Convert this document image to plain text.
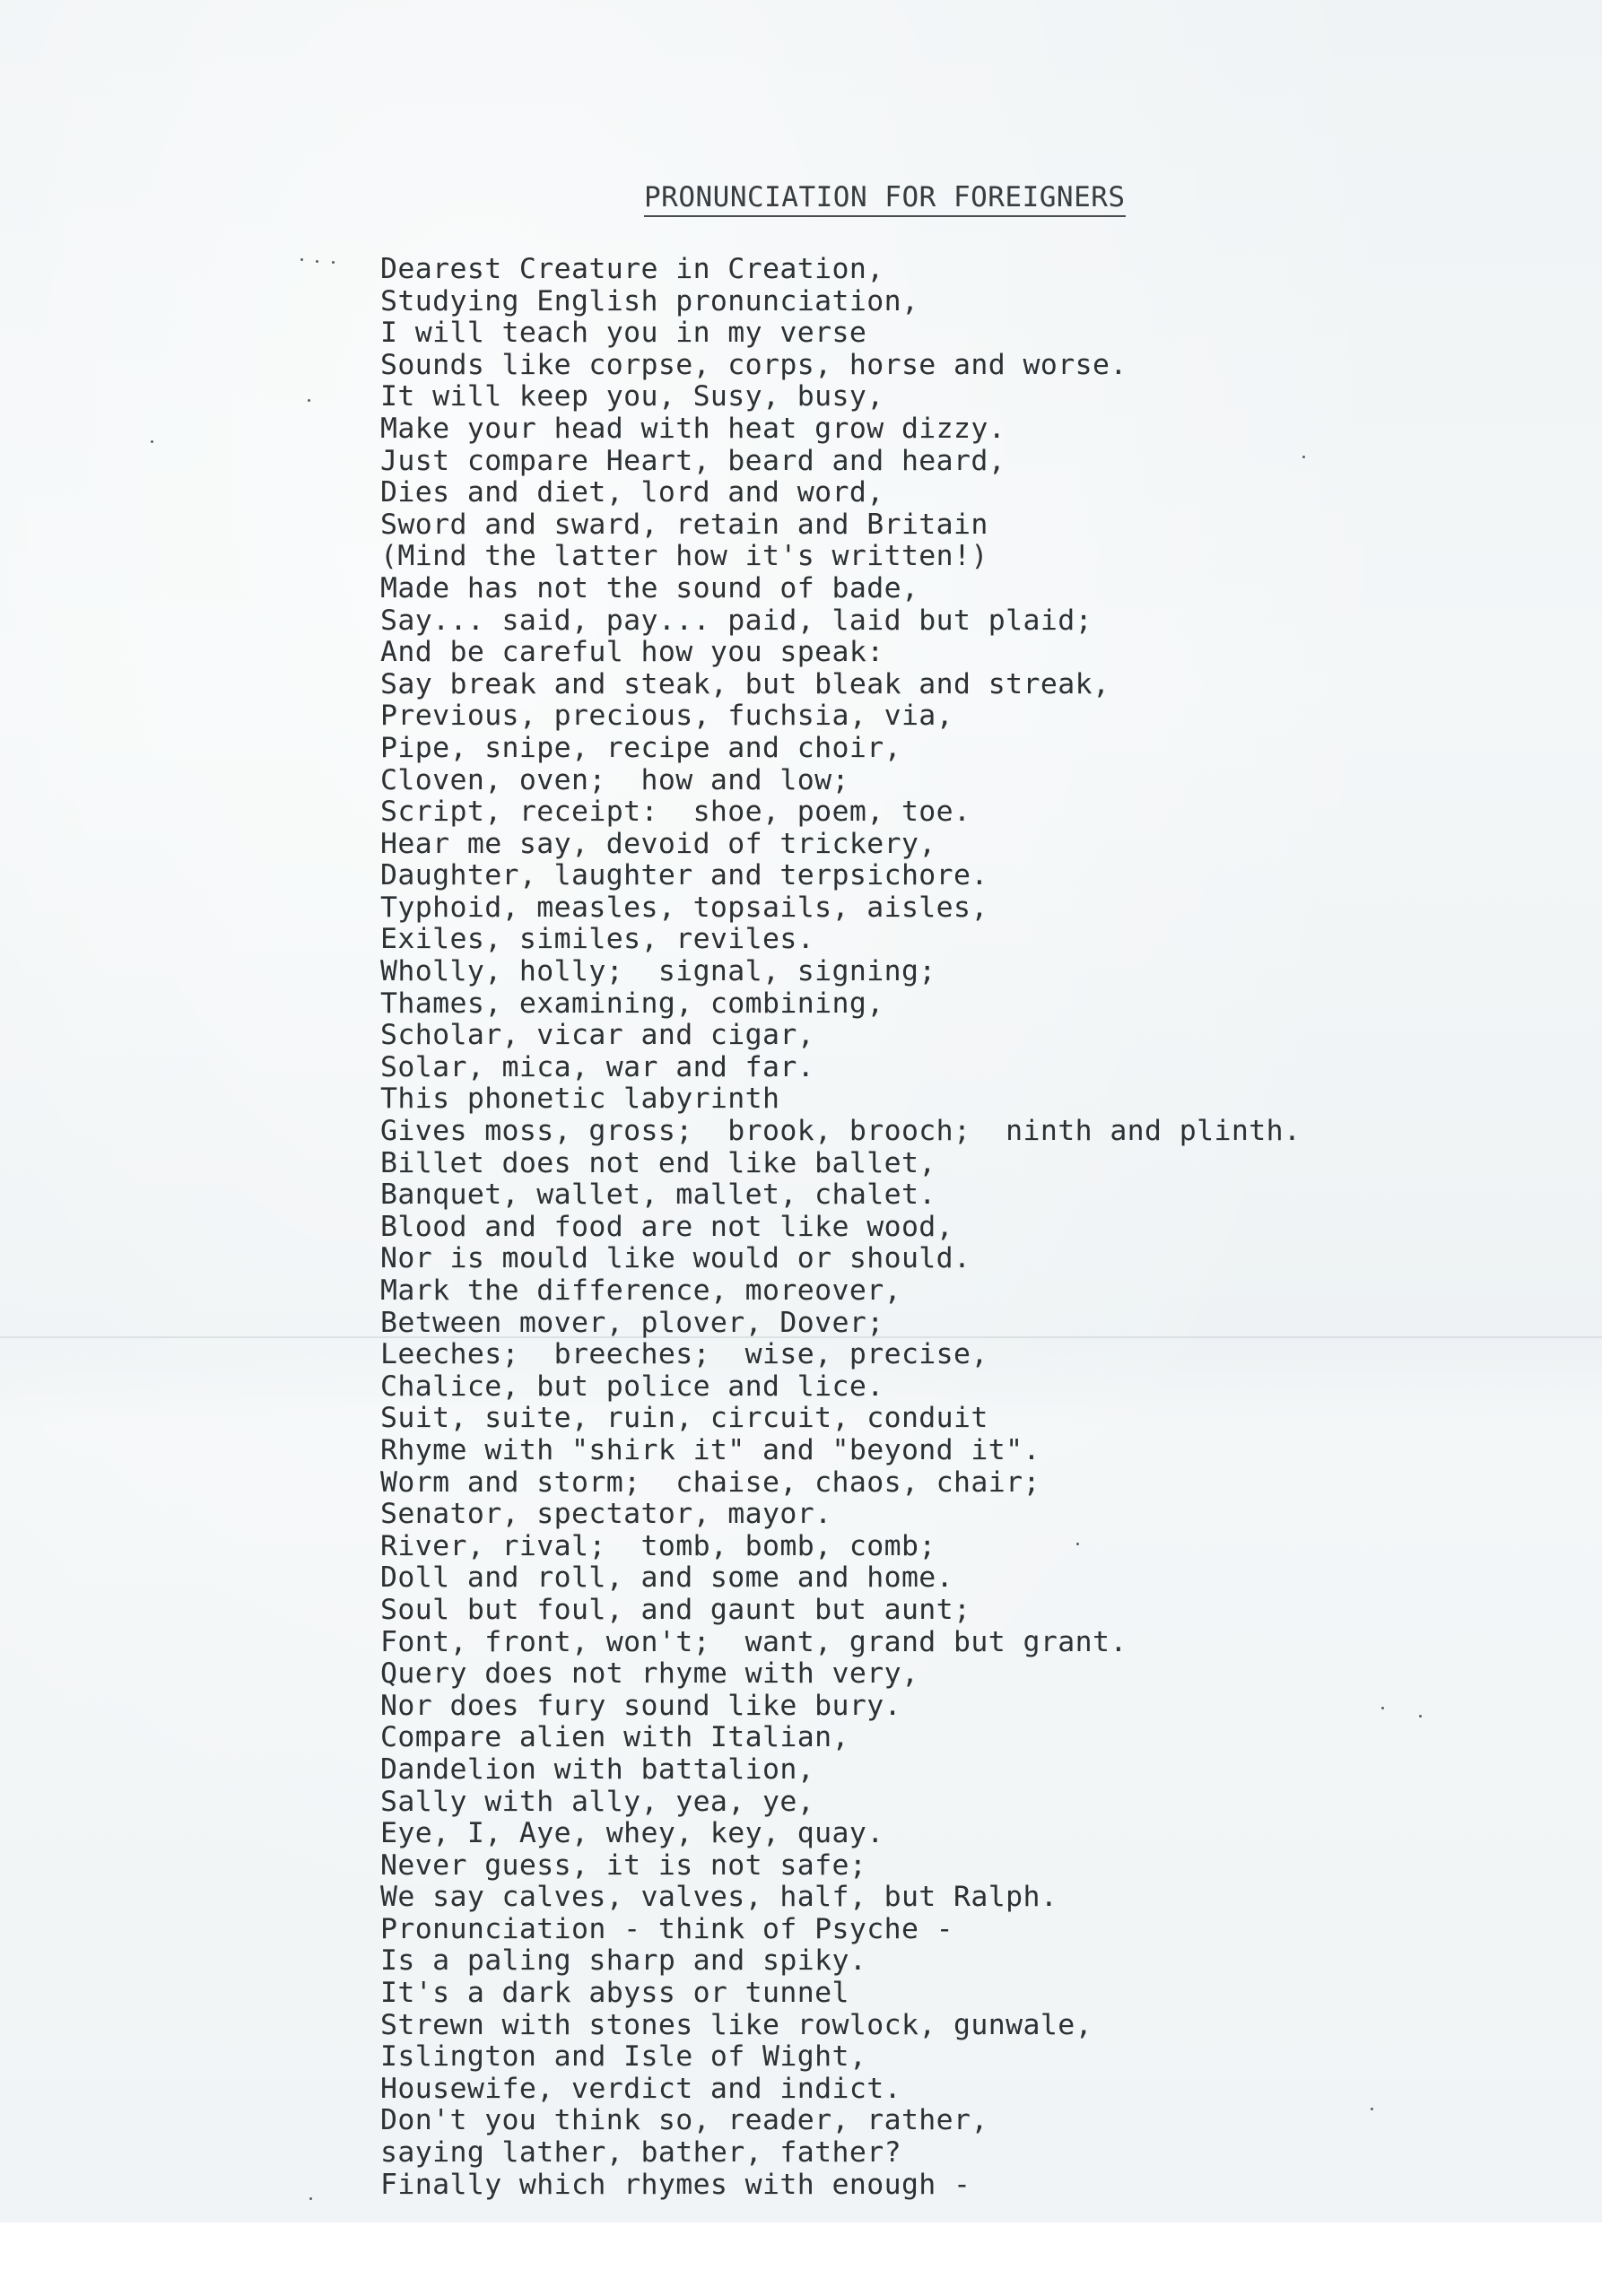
PRONUNCIATION FOR FOREIGNERS
Dearest Creature in Creation,
Studying English pronunciation,
I will teach you in my verse
Sounds like corpse, corps, horse and worse.
It will keep you, Susy, busy,
Make your head with heat grow dizzy.
Just compare Heart, beard and heard,
Dies and diet, lord and word,
Sword and sward, retain and Britain
(Mind the latter how it's written!)
Made has not the sound of bade,
Say... said, pay... paid, laid but plaid;
And be careful how you speak:
Say break and steak, but bleak and streak,
Previous, precious, fuchsia, via,
Pipe, snipe, recipe and choir,
Cloven, oven;  how and low;
Script, receipt:  shoe, poem, toe.
Hear me say, devoid of trickery,
Daughter, laughter and terpsichore.
Typhoid, measles, topsails, aisles,
Exiles, similes, reviles.
Wholly, holly;  signal, signing;
Thames, examining, combining,
Scholar, vicar and cigar,
Solar, mica, war and far.
This phonetic labyrinth
Gives moss, gross;  brook, brooch;  ninth and plinth.
Billet does not end like ballet,
Banquet, wallet, mallet, chalet.
Blood and food are not like wood,
Nor is mould like would or should.
Mark the difference, moreover,
Between mover, plover, Dover;
Leeches;  breeches;  wise, precise,
Chalice, but police and lice.
Suit, suite, ruin, circuit, conduit
Rhyme with "shirk it" and "beyond it".
Worm and storm;  chaise, chaos, chair;
Senator, spectator, mayor.
River, rival;  tomb, bomb, comb;
Doll and roll, and some and home.
Soul but foul, and gaunt but aunt;
Font, front, won't;  want, grand but grant.
Query does not rhyme with very,
Nor does fury sound like bury.
Compare alien with Italian,
Dandelion with battalion,
Sally with ally, yea, ye,
Eye, I, Aye, whey, key, quay.
Never guess, it is not safe;
We say calves, valves, half, but Ralph.
Pronunciation - think of Psyche -
Is a paling sharp and spiky.
It's a dark abyss or tunnel
Strewn with stones like rowlock, gunwale,
Islington and Isle of Wight,
Housewife, verdict and indict.
Don't you think so, reader, rather,
saying lather, bather, father?
Finally which rhymes with enough -
